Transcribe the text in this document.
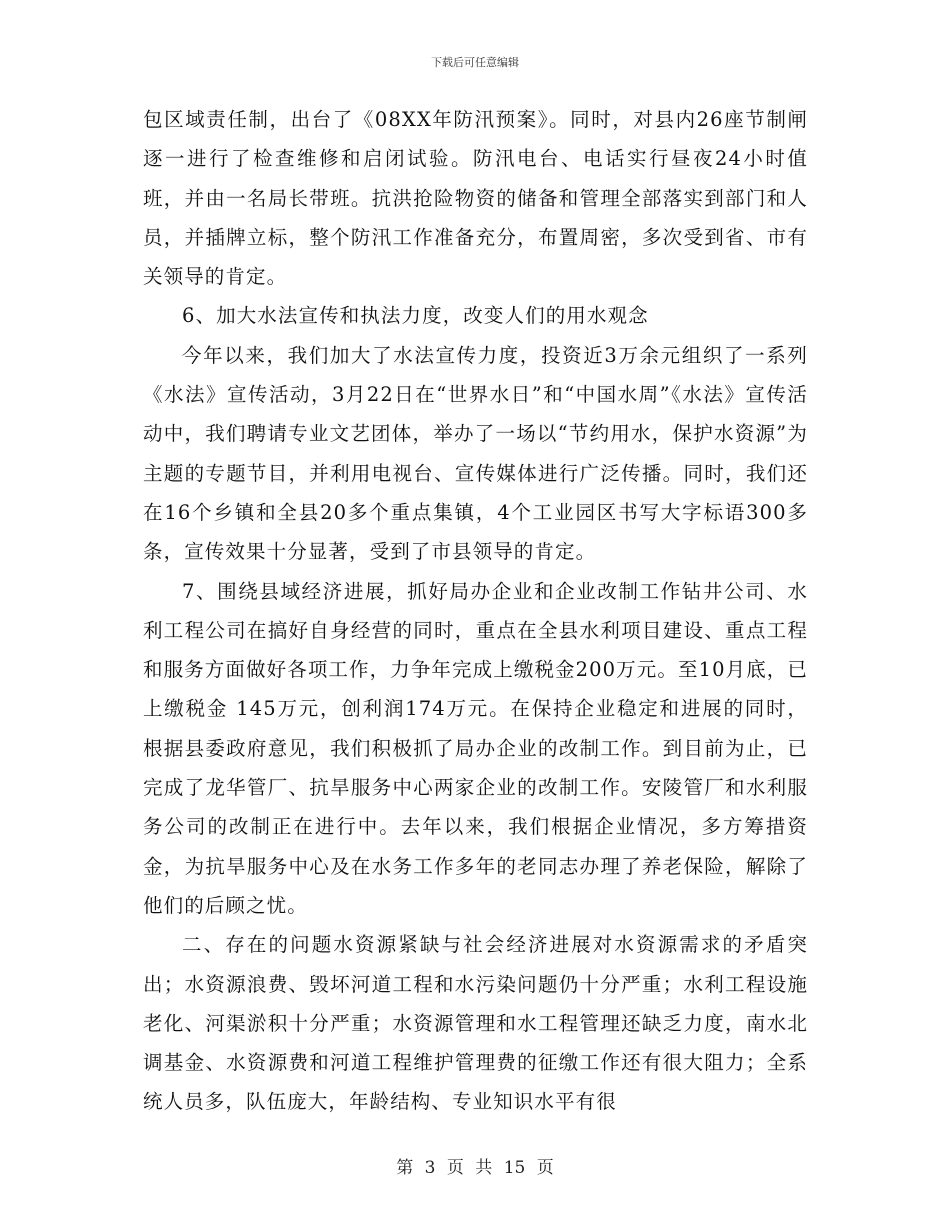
下载后可任意编辑

包区域责任制，出台了《08XX年防汛预案》。同时，对县内26座节制闸逐一进行了检查维修和启闭试验。防汛电台、电话实行昼夜24小时值班，并由一名局长带班。抗洪抢险物资的储备和管理全部落实到部门和人员，并插牌立标，整个防汛工作准备充分，布置周密，多次受到省、市有关领导的肯定。

6、加大水法宣传和执法力度，改变人们的用水观念

今年以来，我们加大了水法宣传力度，投资近3万余元组织了一系列《水法》宣传活动，3月22日在“世界水日”和“中国水周”《水法》宣传活动中，我们聘请专业文艺团体，举办了一场以“节约用水，保护水资源”为主题的专题节目，并利用电视台、宣传媒体进行广泛传播。同时，我们还在16个乡镇和全县20多个重点集镇，4个工业园区书写大字标语300多条，宣传效果十分显著，受到了市县领导的肯定。

7、围绕县域经济进展，抓好局办企业和企业改制工作钻井公司、水利工程公司在搞好自身经营的同时，重点在全县水利项目建设、重点工程和服务方面做好各项工作，力争年完成上缴税金200万元。至10月底，已上缴税金 145万元，创利润174万元。在保持企业稳定和进展的同时，根据县委政府意见，我们积极抓了局办企业的改制工作。到目前为止，已完成了龙华管厂、抗旱服务中心两家企业的改制工作。安陵管厂和水利服务公司的改制正在进行中。去年以来，我们根据企业情况，多方筹措资金，为抗旱服务中心及在水务工作多年的老同志办理了养老保险，解除了他们的后顾之忧。

二、存在的问题水资源紧缺与社会经济进展对水资源需求的矛盾突出；水资源浪费、毁坏河道工程和水污染问题仍十分严重；水利工程设施老化、河渠淤积十分严重；水资源管理和水工程管理还缺乏力度，南水北调基金、水资源费和河道工程维护管理费的征缴工作还有很大阻力；全系统人员多，队伍庞大，年龄结构、专业知识水平有很

第 3 页 共 15 页
